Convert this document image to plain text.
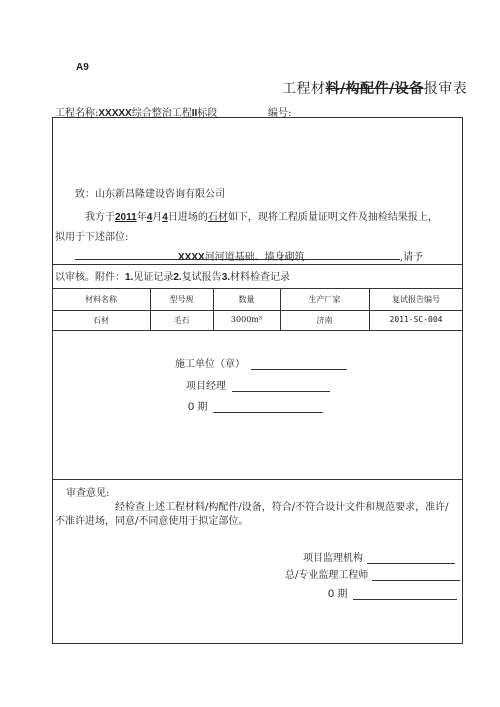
A9
工程材料/构配件/设备报审表
工程名称:XXXXX综合整治工程II标段	编号:
致：山东新昌隆建设咨询有限公司
我方于2011年4月4日进场的石材如下，现将工程质量证明文件及抽检结果报上，
拟用于下述部位:
XXXX河河道基础、墙身砌筑	,请予
以审核。附件：1.见证记录2.复试报告3.材料检查记录
材料名称	型号规	数量	生产厂家	复试报告编号
石材	毛石	3000m³	济南	2011-SC-004
施工单位（章）
项目经理
0 期
审查意见:
经检查上述工程材料/构配件/设备，符合/不符合设计文件和规范要求，准许/
不准许进场，同意/不同意使用于拟定部位。
项目监理机构
总/专业监理工程师
0 期
